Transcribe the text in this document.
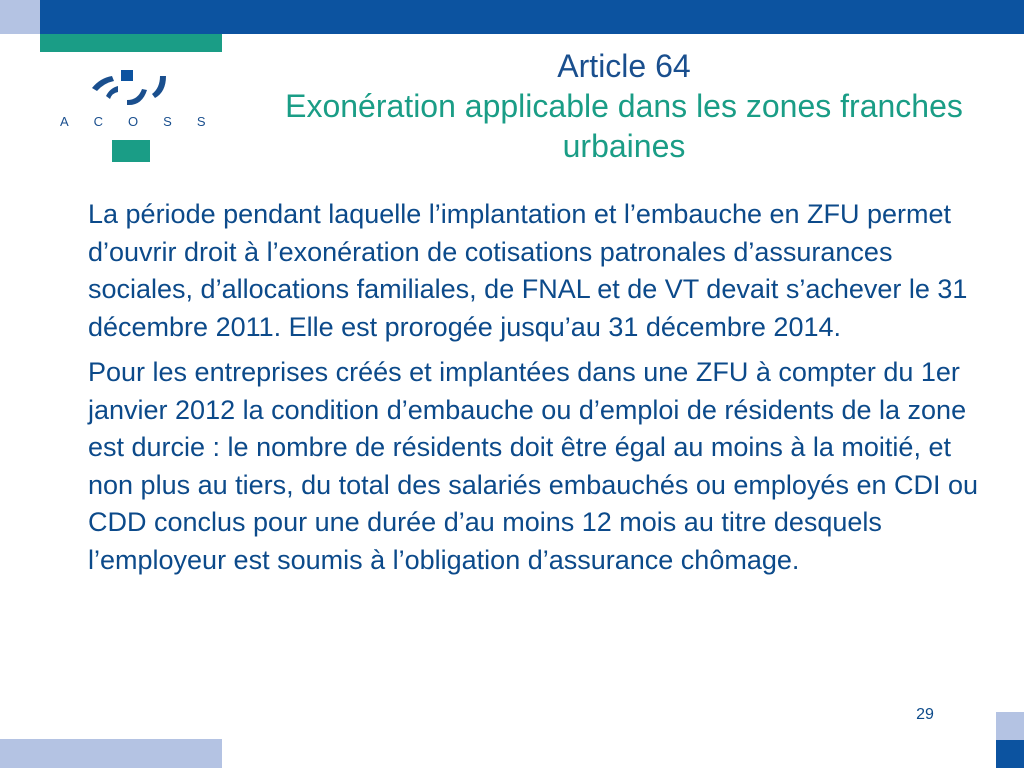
ACOSS
Article 64
Exonération applicable dans les zones franches urbaines

La période pendant laquelle l’implantation et l’embauche en ZFU permet d’ouvrir droit à l’exonération de cotisations patronales d’assurances sociales, d’allocations familiales, de FNAL et de VT devait s’achever le 31 décembre 2011. Elle est prorogée jusqu’au 31 décembre 2014.

Pour les entreprises créés et implantées dans une ZFU à compter du 1er janvier 2012 la condition d’embauche ou d’emploi de résidents de la zone est durcie : le nombre de résidents doit être égal au moins à la moitié, et non plus au tiers, du total des salariés embauchés ou employés en CDI ou CDD conclus pour une durée d’au moins 12 mois au titre desquels l’employeur est soumis à l’obligation d’assurance chômage.

29
